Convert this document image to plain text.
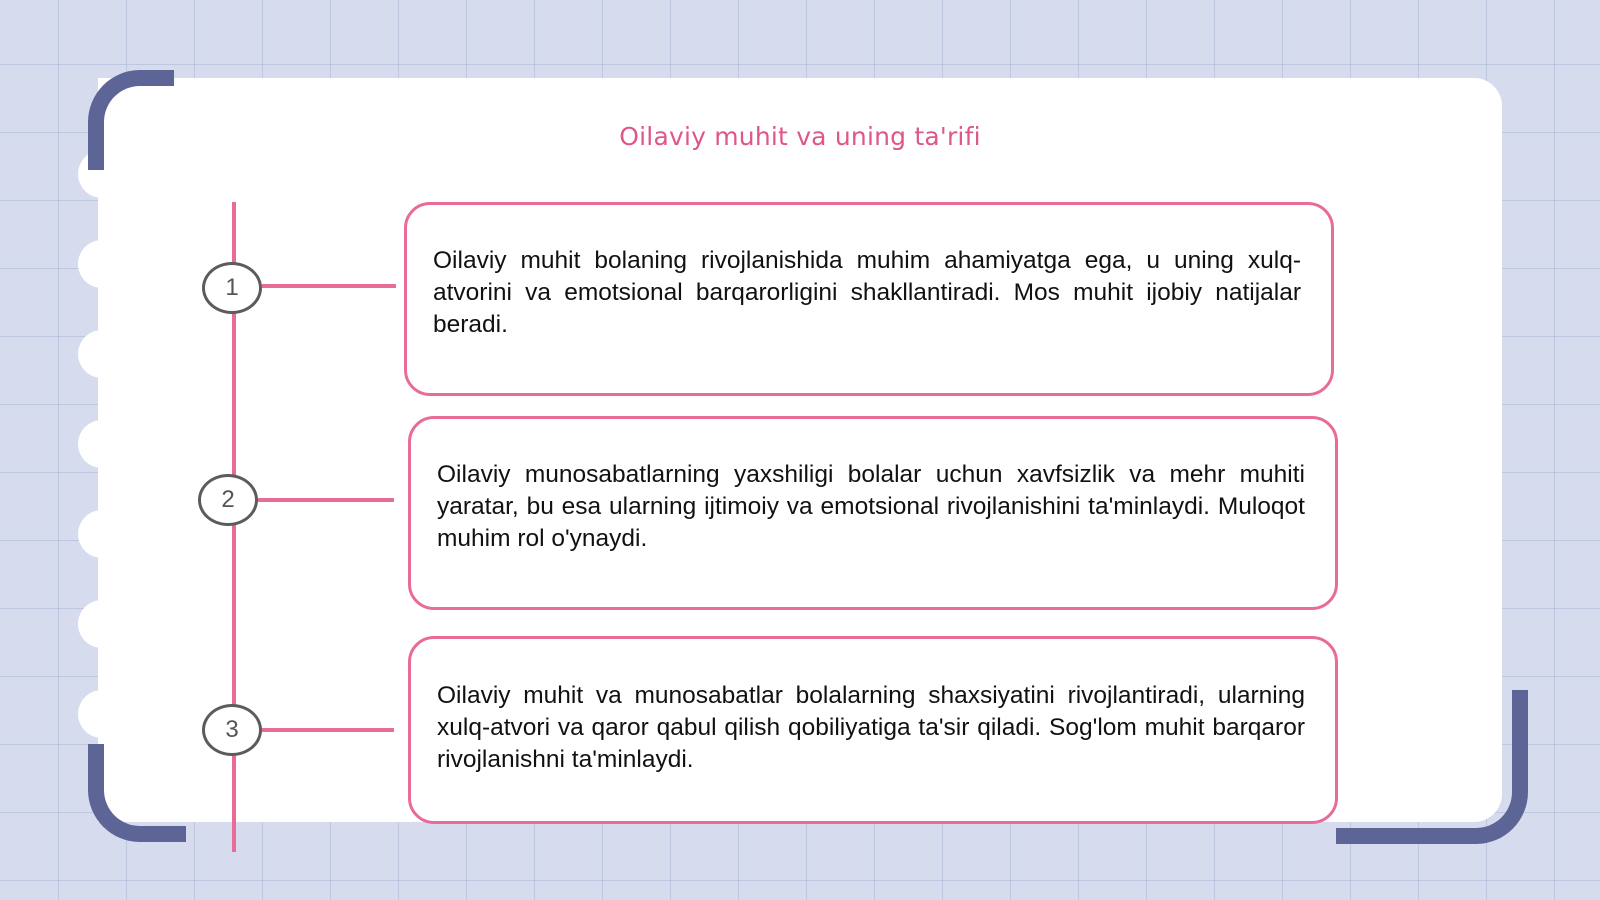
Oilaviy muhit va uning ta'rifi
1
2
3

Oilaviy muhit bolaning rivojlanishida muhim ahamiyatga ega, u uning xulq-atvorini va emotsional barqarorligini shakllantiradi. Mos muhit ijobiy natijalar beradi.

Oilaviy munosabatlarning yaxshiligi bolalar uchun xavfsizlik va mehr muhiti yaratar, bu esa ularning ijtimoiy va emotsional rivojlanishini ta'minlaydi. Muloqot muhim rol o'ynaydi.

Oilaviy muhit va munosabatlar bolalarning shaxsiyatini rivojlantiradi, ularning xulq-atvori va qaror qabul qilish qobiliyatiga ta'sir qiladi. Sog'lom muhit barqaror rivojlanishni ta'minlaydi.
